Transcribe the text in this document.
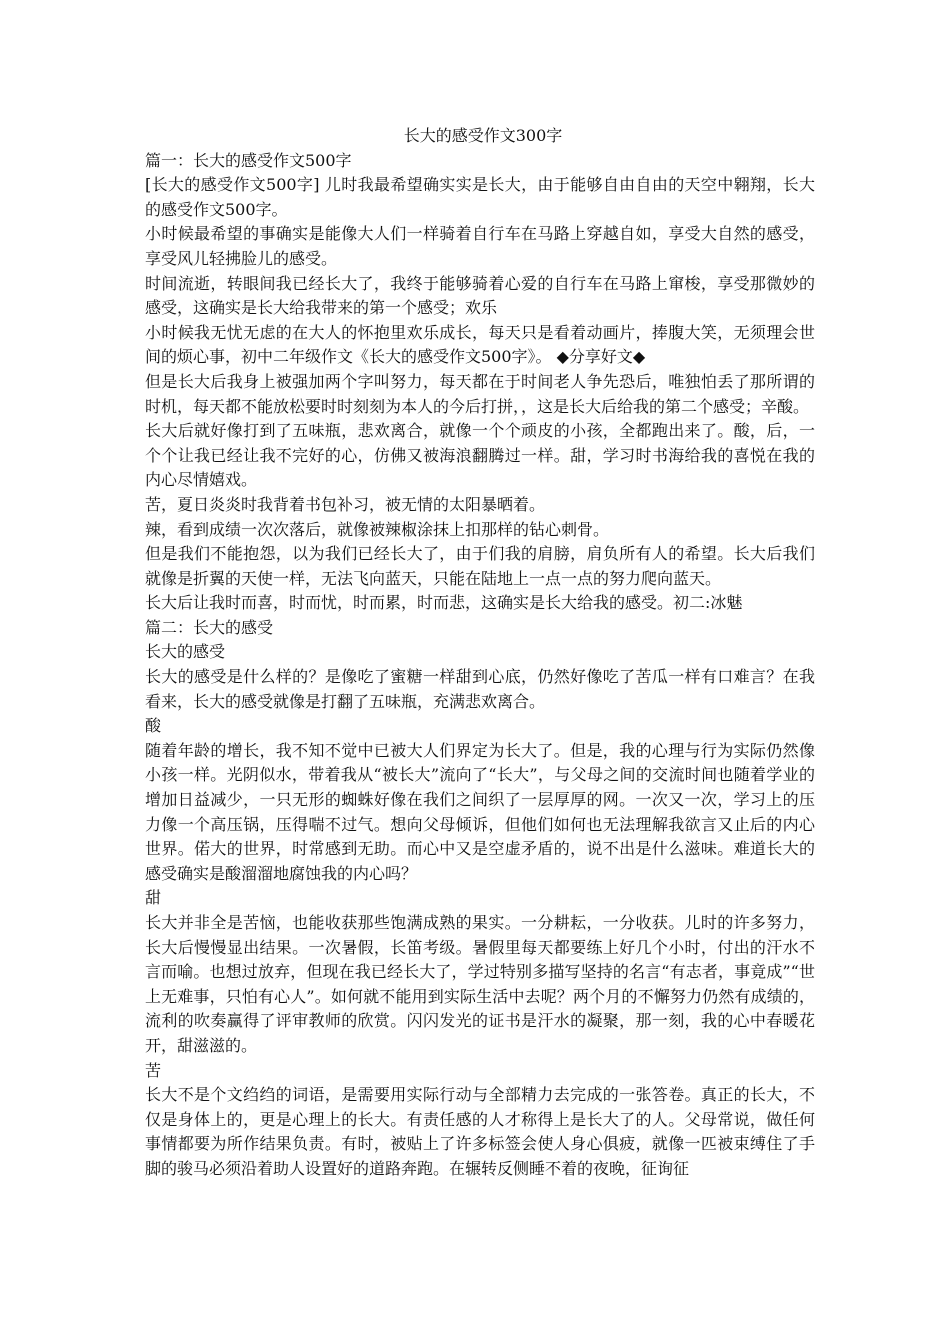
长大的感受作文300字

篇一：长大的感受作文500字

[长大的感受作文500字] 儿时我最希望确实实是长大，由于能够自由自由的天空中翱翔，长大的感受作文500字。

小时候最希望的事确实是能像大人们一样骑着自行车在马路上穿越自如，享受大自然的感受，享受风儿轻拂脸儿的感受。

时间流逝，转眼间我已经长大了，我终于能够骑着心爱的自行车在马路上窜梭，享受那微妙的感受，这确实是长大给我带来的第一个感受；欢乐

小时候我无忧无虑的在大人的怀抱里欢乐成长，每天只是看着动画片，捧腹大笑，无须理会世间的烦心事，初中二年级作文《长大的感受作文500字》。 ◆分享好文◆

但是长大后我身上被强加两个字叫努力，每天都在于时间老人争先恐后，唯独怕丢了那所谓的时机，每天都不能放松要时时刻刻为本人的今后打拼，，这是长大后给我的第二个感受；辛酸。

长大后就好像打到了五味瓶，悲欢离合，就像一个个顽皮的小孩，全都跑出来了。酸，后，一个个让我已经让我不完好的心，仿佛又被海浪翻腾过一样。甜，学习时书海给我的喜悦在我的内心尽情嬉戏。

苦，夏日炎炎时我背着书包补习，被无情的太阳暴晒着。

辣，看到成绩一次次落后，就像被辣椒涂抹上扣那样的钻心刺骨。

但是我们不能抱怨，以为我们已经长大了，由于们我的肩膀，肩负所有人的希望。长大后我们就像是折翼的天使一样，无法飞向蓝天，只能在陆地上一点一点的努力爬向蓝天。

长大后让我时而喜，时而忧，时而累，时而悲，这确实是长大给我的感受。初二:冰魅

篇二：长大的感受

长大的感受

长大的感受是什么样的？是像吃了蜜糖一样甜到心底，仍然好像吃了苦瓜一样有口难言？在我看来，长大的感受就像是打翻了五味瓶，充满悲欢离合。

酸

随着年龄的增长，我不知不觉中已被大人们界定为长大了。但是，我的心理与行为实际仍然像小孩一样。光阴似水，带着我从“被长大”流向了“长大”，与父母之间的交流时间也随着学业的增加日益减少，一只无形的蜘蛛好像在我们之间织了一层厚厚的网。一次又一次，学习上的压力像一个高压锅，压得喘不过气。想向父母倾诉，但他们如何也无法理解我欲言又止后的内心世界。偌大的世界，时常感到无助。而心中又是空虚矛盾的，说不出是什么滋味。难道长大的感受确实是酸溜溜地腐蚀我的内心吗？

甜

长大并非全是苦恼，也能收获那些饱满成熟的果实。一分耕耘，一分收获。儿时的许多努力，长大后慢慢显出结果。一次暑假，长笛考级。暑假里每天都要练上好几个小时，付出的汗水不言而喻。也想过放弃，但现在我已经长大了，学过特别多描写坚持的名言“有志者，事竟成”“世上无难事，只怕有心人”。如何就不能用到实际生活中去呢？两个月的不懈努力仍然有成绩的，流利的吹奏赢得了评审教师的欣赏。闪闪发光的证书是汗水的凝聚，那一刻，我的心中春暖花开，甜滋滋的。

苦

长大不是个文绉绉的词语，是需要用实际行动与全部精力去完成的一张答卷。真正的长大，不仅是身体上的，更是心理上的长大。有责任感的人才称得上是长大了的人。父母常说，做任何事情都要为所作结果负责。有时，被贴上了许多标签会使人身心俱疲，就像一匹被束缚住了手脚的骏马必须沿着助人设置好的道路奔跑。在辗转反侧睡不着的夜晚，征询征
